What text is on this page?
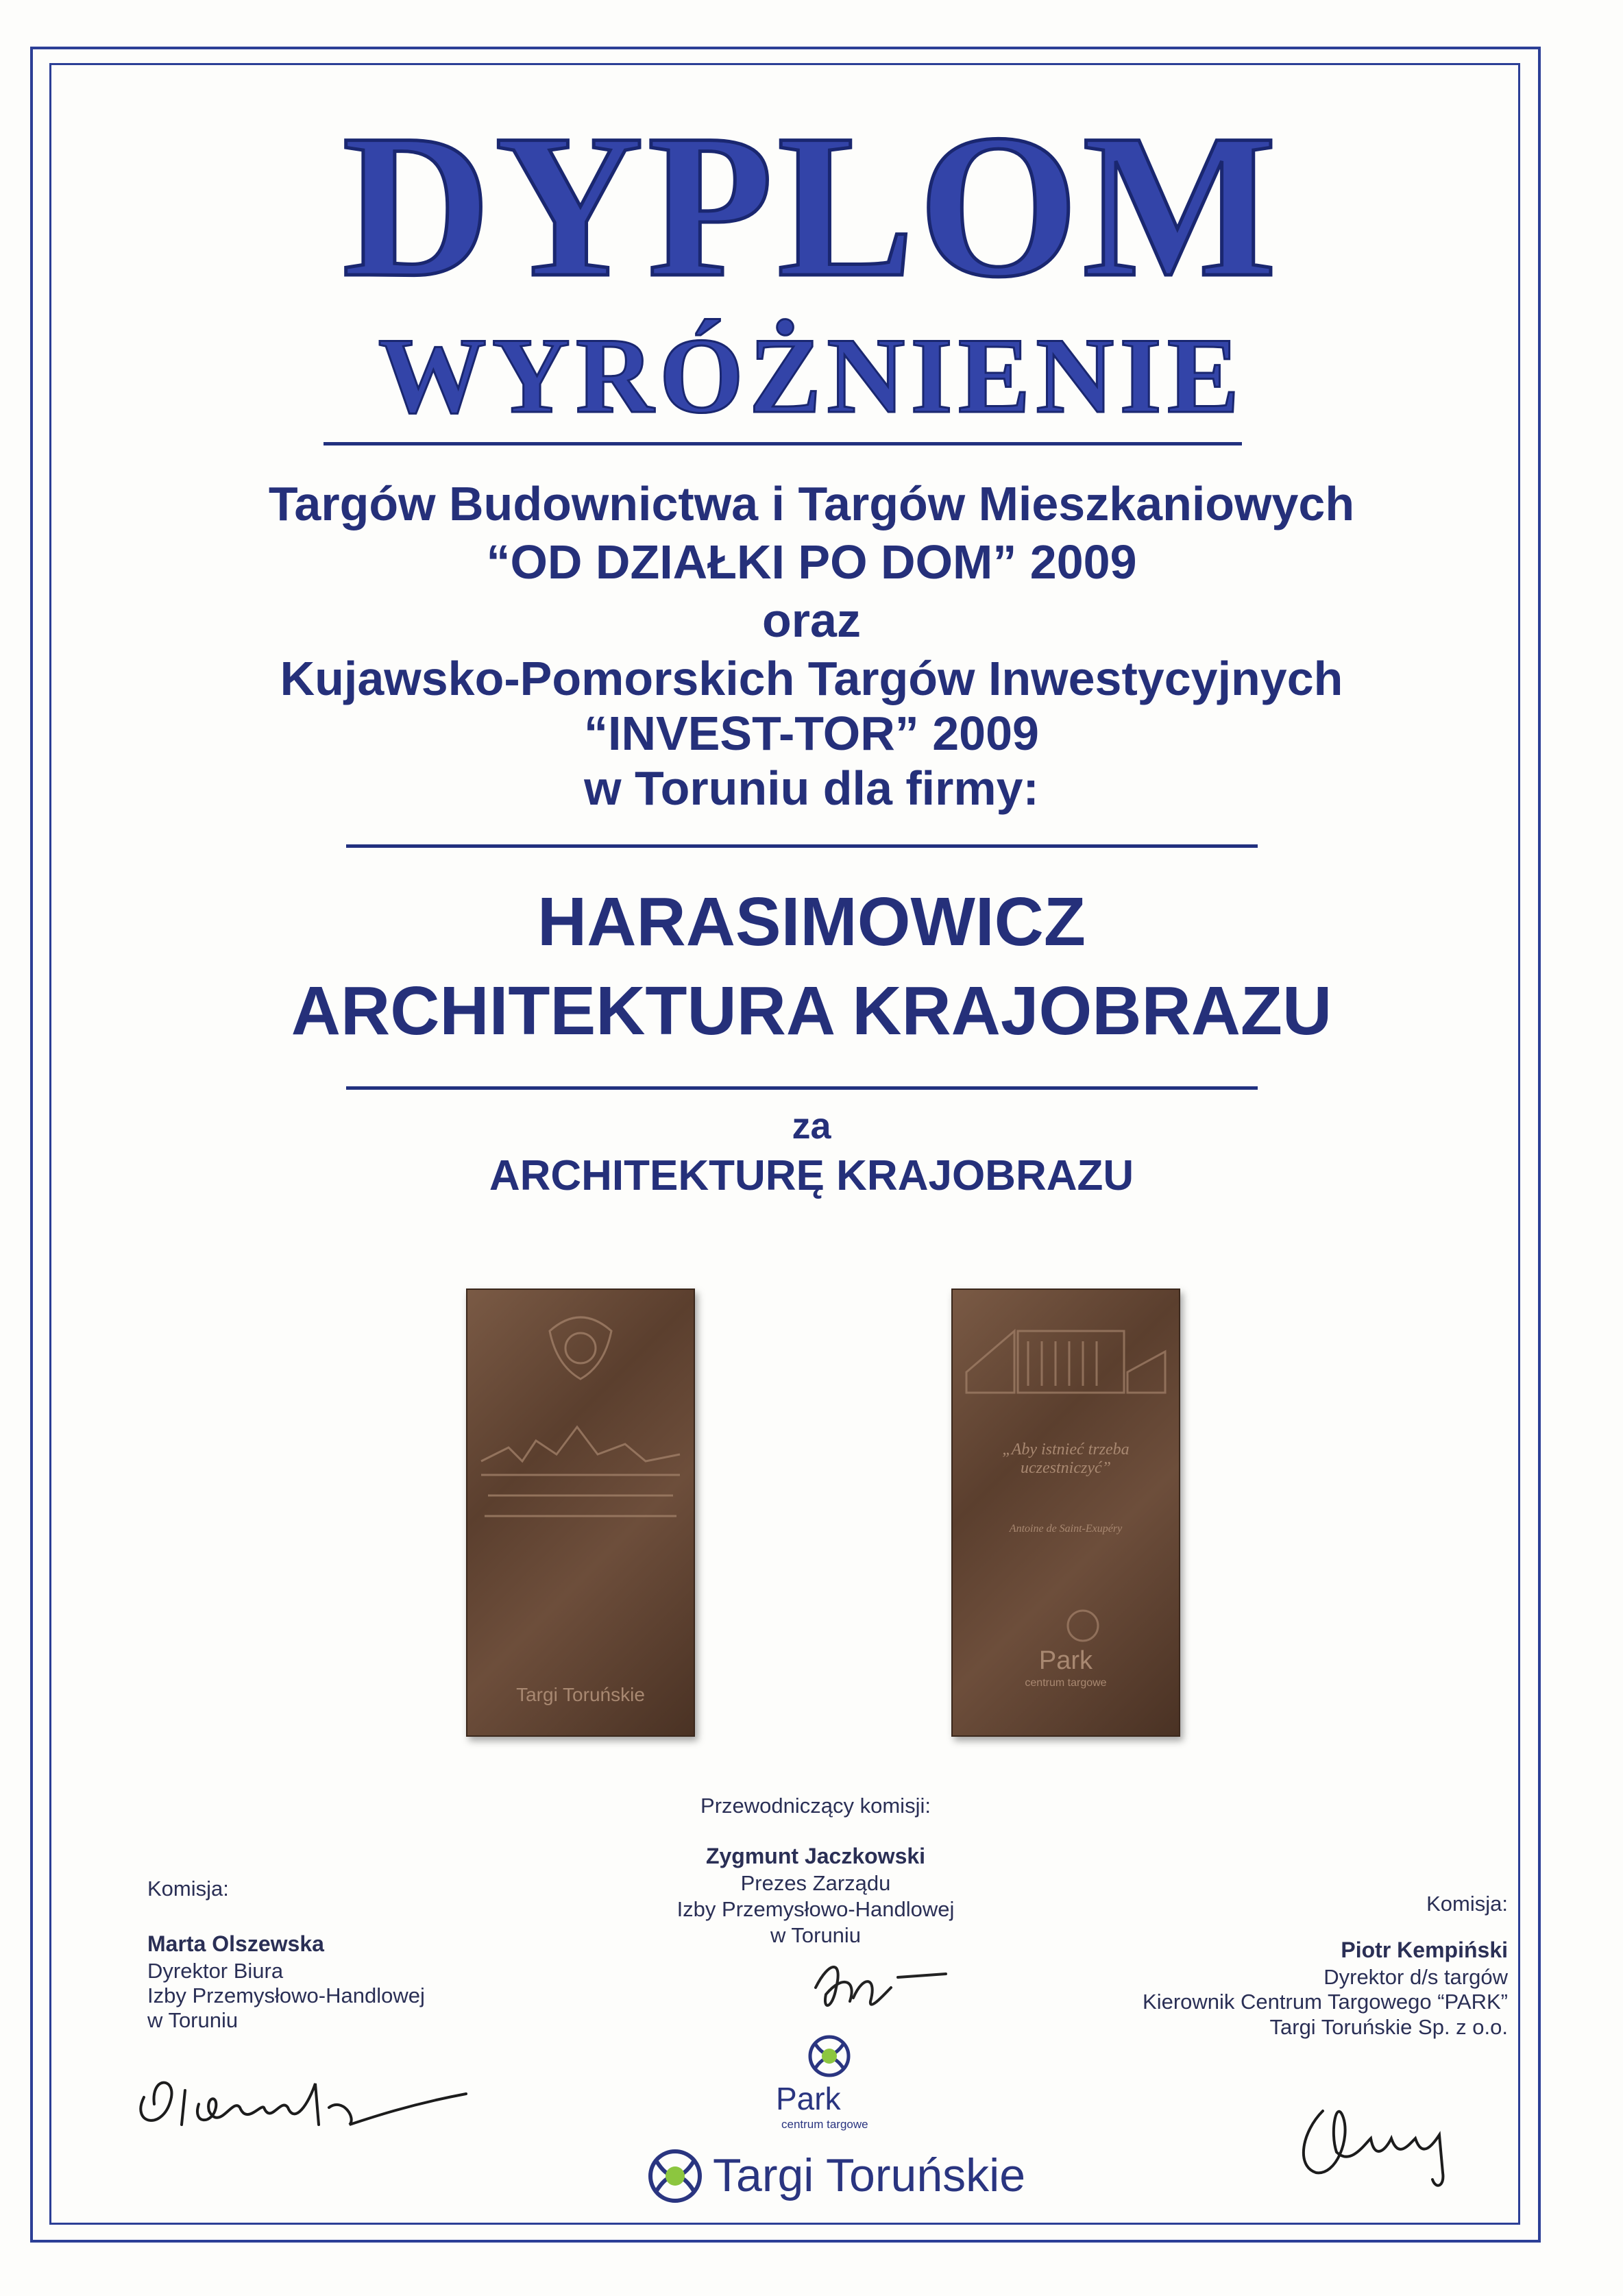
DYPLOM
WYRÓŻNIENIE

Targów Budownictwa i Targów Mieszkaniowych

“OD DZIAŁKI PO DOM” 2009

oraz

Kujawsko-Pomorskich Targów Inwestycyjnych

“INVEST-TOR” 2009

w Toruniu dla firmy:

HARASIMOWICZ

ARCHITEKTURA KRAJOBRAZU

za

ARCHITEKTURĘ KRAJOBRAZU

Targi Toruńskie
„Aby istnieć trzeba uczestniczyć”
Antoine de Saint-Exupéry
Park
centrum targowe

Przewodniczący komisji:

Zygmunt Jaczkowski

Prezes Zarządu

Izby Przemysłowo-Handlowej

w Toruniu

Komisja:

Marta Olszewska

Dyrektor Biura

Izby Przemysłowo-Handlowej

w Toruniu

Komisja:

Piotr Kempiński

Dyrektor d/s targów

Kierownik Centrum Targowego “PARK”

Targi Toruńskie Sp. z o.o.

Park
centrum targowe
Targi Toruńskie
